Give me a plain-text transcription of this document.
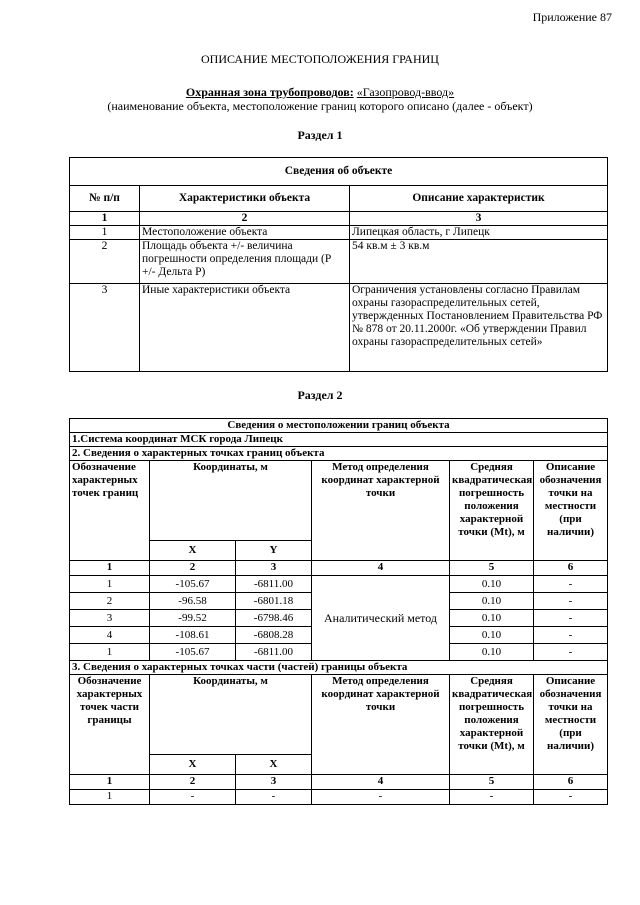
Приложение 87
ОПИСАНИЕ МЕСТОПОЛОЖЕНИЯ ГРАНИЦ
Охранная зона трубопроводов: «Газопровод-ввод»
(наименование объекта, местоположение границ которого описано (далее - объект)
Раздел 1
Сведения об объекте		
№ п/п	Характеристики объекта	Описание характеристик
1	2	3
1	Местоположение объекта	Липецкая область, г Липецк
2	Площадь объекта +/- величина погрешности определения площади (Р +/- Дельта Р)	54 кв.м ± 3 кв.м
3	Иные характеристики объекта	Ограничения установлены согласно Правилам охраны газораспределительных сетей, утвержденных Постановлением Правительства РФ № 878 от 20.11.2000г. «Об утверждении Правил охраны газораспределительных сетей»
Раздел 2
Сведения о местоположении границ объекта					
1.Система координат МСК города Липецк					
2. Сведения о характерных точках границ объекта					
Обозначение характерных точек границ	Координаты, м		Метод определения координат характерной точки	Средняя квадратическая погрешность положения характерной точки (Mt), м	Описание обозначения точки на местности (при наличии)
	X	Y			
1	2	3	4	5	6
1	-105.67	-6811.00	Аналитический метод	0.10	-
2	-96.58	-6801.18		0.10	-
3	-99.52	-6798.46		0.10	-
4	-108.61	-6808.28		0.10	-
1	-105.67	-6811.00		0.10	-
3. Сведения о характерных точках части (частей) границы объекта					
Обозначение характерных точек части границы	Координаты, м		Метод определения координат характерной точки	Средняя квадратическая погрешность положения характерной точки (Mt), м	Описание обозначения точки на местности (при наличии)
	X	X			
1	2	3	4	5	6
1	-	-	-	-	-
